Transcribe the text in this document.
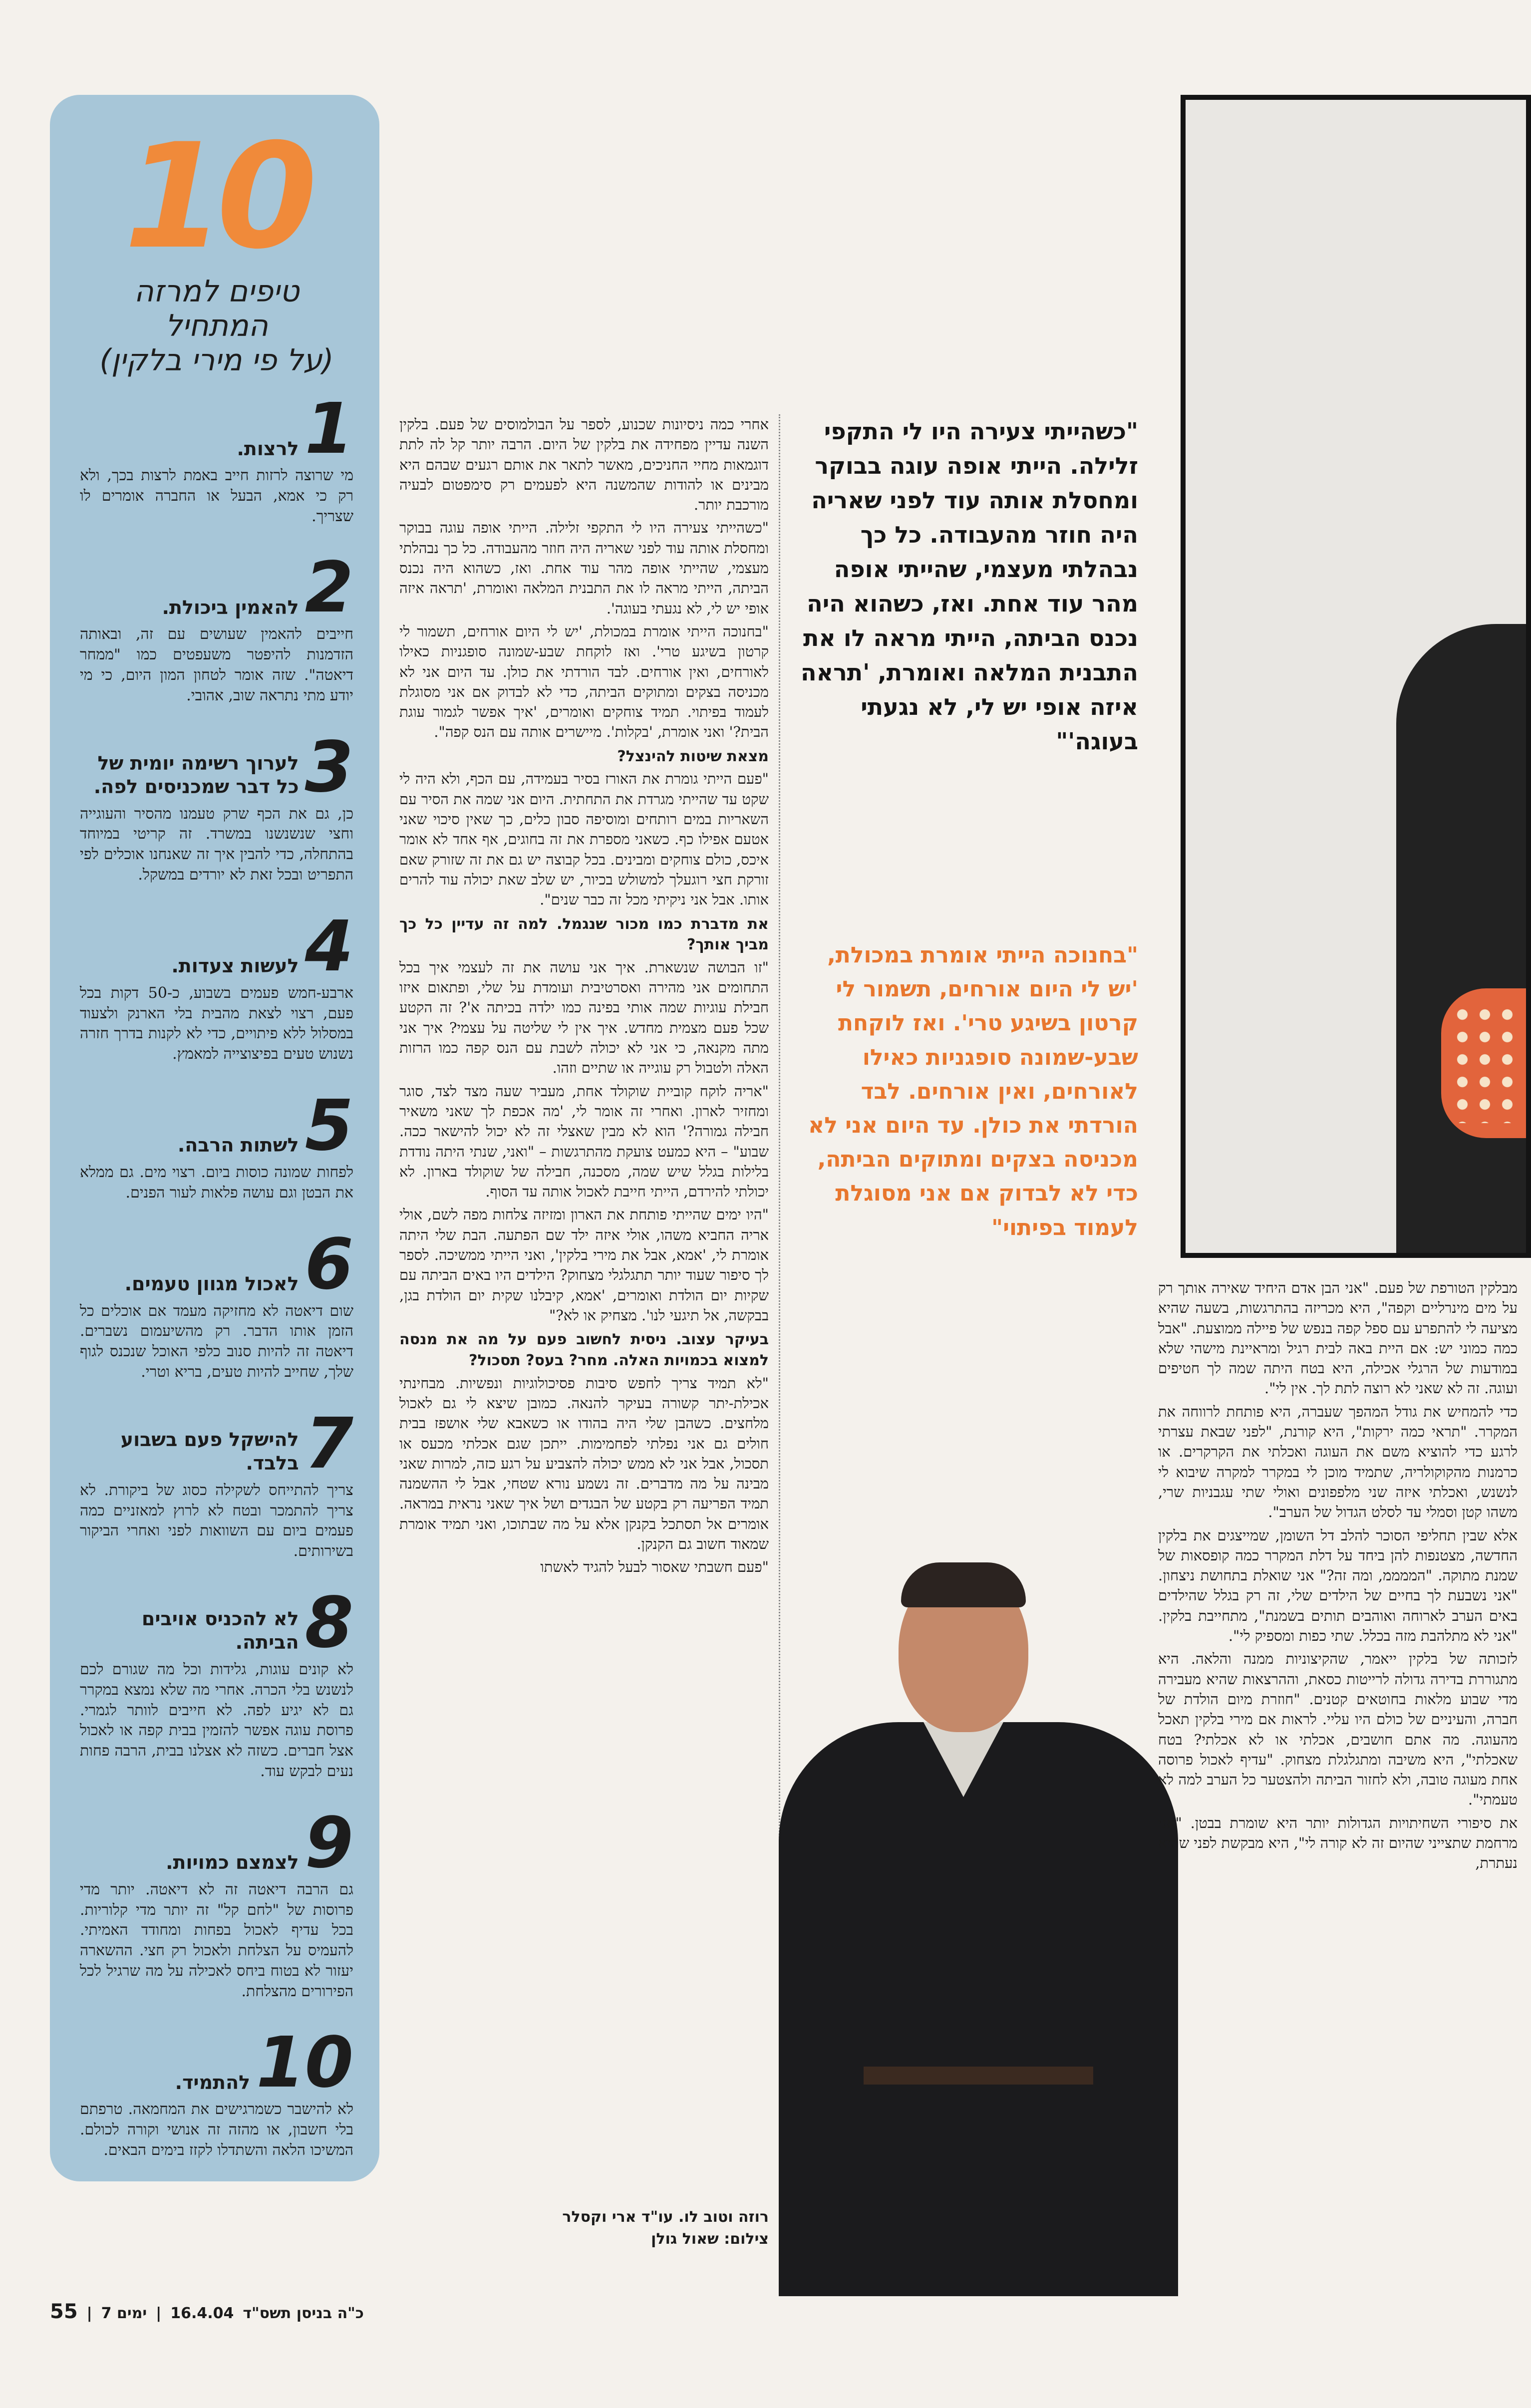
10
טיפים למרזה המתחיל
(על פי מירי בלקין)
1
לרצות.
מי שרוצה לרזות חייב באמת לרצות בכך, ולא רק כי אמא, הבעל או החברה אומרים לו שצריך.
2
להאמין ביכולת.
חייבים להאמין שעושים עם זה, ובאותה הזדמנות להיפטר משעפטים כמו "ממחר דיאטה". שזה אומר לטחון המון היום, כי מי יודע מתי נתראה שוב, אהובי.
3
לערוך רשימה יומית של כל דבר שמכניסים לפה.
כן, גם את הכף שרק טעמנו מהסיר והעוגייה וחצי שנשנשנו במשרד. זה קריטי במיוחד בהתחלה, כדי להבין איך זה שאנחנו אוכלים לפי התפריט ובכל זאת לא יורדים במשקל.
4
לעשות צעדות.
ארבע-חמש פעמים בשבוע, כ-50 דקות בכל פעם, רצוי לצאת מהבית בלי הארנק ולצעוד במסלול ללא פיתויים, כדי לא לקנות בדרך חזרה נשנוש טעים בפיצוצייה למאמץ.
5
לשתות הרבה.
לפחות שמונה כוסות ביום. רצוי מים. גם ממלא את הבטן וגם עושה פלאות לעור הפנים.
6
לאכול מגוון טעמים.
שום דיאטה לא מחזיקה מעמד אם אוכלים כל הזמן אותו הדבר. רק מהשיעמום נשברים. דיאטה זה להיות סנוב כלפי האוכל שנכנס לגוף שלך, שחייב להיות טעים, בריא וטרי.
7
להישקל פעם בשבוע בלבד.
צריך להתייחס לשקילה כסוג של ביקורת. לא צריך להתמכר ובטח לא לרוץ למאזניים כמה פעמים ביום עם השוואות לפני ואחרי הביקור בשירותים.
8
לא להכניס אויבים הביתה.
לא קונים עוגות, גלידות וכל מה שגורם לכם לנשנש בלי הכרה. אחרי מה שלא נמצא במקרר גם לא יגיע לפה. לא חייבים לוותר לגמרי. פרוסת עוגה אפשר להזמין בבית קפה או לאכול אצל חברים. כשזה לא אצלנו בבית, הרבה פחות נעים לבקש עוד.
9
לצמצם כמויות.
גם הרבה דיאטה זה לא דיאטה. יותר מדי פרוסות של "לחם קל" זה יותר מדי קלוריות. בכל עדיף לאכול בפחות ומחודד האמיתי. להעמיס על הצלחת ולאכול רק חצי. ההשארה יעזור לא בטוח ביחס לאכילה על מה שרגיל לכל הפירורים מהצלחת.
10
להתמיד.
לא להישבר כשמרגישים את המחמאה. טרפתם בלי חשבון, או מהזה זה אנושי וקורה לכולם. המשיכו הלאה והשתדלו לקזז בימים הבאים.

אחרי כמה ניסיונות שכנוע, לספר על הבולמוסים של פעם. בלקין השנה עדיין מפחידה את בלקין של היום. הרבה יותר קל לה לתת דוגמאות מחיי החניכים, מאשר לתאר את אותם רגעים שבהם היא מבינים או להודות שהמשנה היא לפעמים רק סימפטום לבעיה מורכבת יותר.

"כשהייתי צעירה היו לי התקפי זלילה. הייתי אופה עוגה בבוקר ומחסלת אותה עוד לפני שאריה היה חוזר מהעבודה. כל כך נבהלתי מעצמי, שהייתי אופה מהר עוד אחת. ואז, כשהוא היה נכנס הביתה, הייתי מראה לו את התבנית המלאה ואומרת, 'תראה איזה אופי יש לי, לא נגעתי בעוגה'.

"בחנוכה הייתי אומרת במכולת, 'יש לי היום אורחים, תשמור לי קרטון בשיגע טרי'. ואז לוקחת שבע-שמונה סופגניות כאילו לאורחים, ואין אורחים. לבד הורדתי את כולן. עד היום אני לא מכניסה בצקים ומתוקים הביתה, כדי לא לבדוק אם אני מסוגלת לעמוד בפיתוי. תמיד צוחקים ואומרים, 'איך אפשר לגמור עוגת הבית?' ואני אומרת, 'בקלות'. מיישרים אותה עם הנס קפה".

מצאת שיטות להינצל?

"פעם הייתי גומרת את האורז בסיר בעמידה, עם הכף, ולא היה לי שקט עד שהייתי מגרדת את התחתית. היום אני שמה את הסיר עם השאריות במים רותחים ומוסיפה סבון כלים, כך שאין סיכוי שאני אטעם אפילו כף. כשאני מספרת את זה בחוגים, אף אחד לא אומר איכס, כולם צוחקים ומבינים. בכל קבוצה יש גם את זה שזורק שאם זורקת חצי רוגעלך למשולש בכיור, יש שלב שאת יכולה עוד להרים אותו. אבל אני ניקיתי מכל זה כבר שנים".

את מדברת כמו מכור שנגמל. למה זה עדיין כל כך מביך אותך?

"זו הבושה שנשארת. איך אני עושה את זה לעצמי איך בכל התחומים אני מהירה ואסרטיבית ועומדת על שלי, ופתאום איזו חבילת עוגיות שמה אותי בפינה כמו ילדה בכיתה א'? זה הקטע שכל פעם מצמית מחדש. איך אין לי שליטה על עצמי? איך אני מתה מקנאה, כי אני לא יכולה לשבת עם הנס קפה כמו הרזות האלה ולטבול רק עוגייה או שתיים וזהו.

"אריה לוקח קוביית שוקולד אחת, מעביר שעה מצד לצד, סוגר ומחזיר לארון. ואחרי זה אומר לי, 'מה אכפת לך שאני משאיר חבילה גמורה?' הוא לא מבין שאצלי זה לא יכול להישאר ככה. שבוע" – היא כמעט צועקת מהתרגשות – "ואני, שנתי היתה נודדת בלילות בגלל שיש שמה, מסכנה, חבילה של שוקולד בארון. לא יכולתי להירדם, הייתי חייבת לאכול אותה עד הסוף.

"היו ימים שהייתי פותחת את הארון ומזיזה צלחות מפה לשם, אולי אריה החביא משהו, אולי איזה ילד שם הפתעה. הבת שלי היתה אומרת לי, 'אמא, אבל את מירי בלקין', ואני הייתי ממשיכה. לספר לך סיפור שעוד יותר תתגלגלי מצחוק? הילדים היו באים הביתה עם שקיות יום הולדת ואומרים, 'אמא, קיבלנו שקית יום הולדת בגן, בבקשה, אל תיגעי לנו'. מצחיק או לא?"

בעיקר עצוב. ניסית לחשוב פעם על מה את מנסה למצוא בכמויות האלה. מחר? בעס? תסכול?

"לא תמיד צריך לחפש סיבות פסיכולוגיות ונפשיות. מבחינתי אכילת-יתר קשורה בעיקר להנאה. כמובן שיצא לי גם לאכול מלחצים. כשהבן שלי היה בהודו או כשאבא שלי אושפז בבית חולים גם אני נפלתי לפחמימות. ייתכן שגם אכלתי מכעס או תסכול, אבל אני לא ממש יכולה להצביע על רגע כזה, למרות שאני מבינה על מה מדברים. זה נשמע נורא שטחי, אבל לי ההשמנה תמיד הפריעה רק בקטע של הבגדים ושל איך שאני נראית במראה. אומרים אל תסתכל בקנקן אלא על מה שבתוכו, ואני תמיד אומרת שמאוד חשוב גם הקנקן.

"פעם חשבתי שאסור לבעל להגיד לאשתו

רוזה וטוב לו. עו"ד ארי וקסלר
צילום: שאול גולן
"כשהייתי צעירה היו לי התקפי זלילה. הייתי אופה עוגה בבוקר ומחסלת אותה עוד לפני שאריה היה חוזר מהעבודה. כל כך נבהלתי מעצמי, שהייתי אופה מהר עוד אחת. ואז, כשהוא היה נכנס הביתה, הייתי מראה לו את התבנית המלאה ואומרת, 'תראה איזה אופי יש לי, לא נגעתי בעוגה'"
"בחנוכה הייתי אומרת במכולת, 'יש לי היום אורחים, תשמור לי קרטון בשיגע טרי'. ואז לוקחת שבע-שמונה סופגניות כאילו לאורחים, ואין אורחים. לבד הורדתי את כולן. עד היום אני לא מכניסה בצקים ומתוקים הביתה, כדי לא לבדוק אם אני מסוגלת לעמוד בפיתוי"

מבלקין הטורפת של פעם. "אני הבן אדם היחיד שאירה אותך רק על מים מינרליים וקפה", היא מכריזה בהתרגשות, בשעה שהיא מציעה לי להתפרע עם ספל קפה בנפש של פיילה ממוצעת. "אבל כמה כמוני יש: אם היית באה לבית רגיל ומראיינת מישהי שלא במודעות של הרגלי אכילה, היא בטח היתה שמה לך חטיפים ועוגה. זה לא שאני לא רוצה לתת לך. אין לי".

כדי להמחיש את גודל המהפך שעברה, היא פותחת לרווחה את המקרר. "תראי כמה ירקות", היא קורנת, "לפני שבאת עצרתי לרגע כדי להוציא משם את העוגה ואכלתי את הקרקרים. או כרמנות מהקוקולריה, שתמיד מוכן לי במקרר למקרה שיבוא לי לנשנש, ואכלתי איזה שני מלפפונים ואולי שתי עגבניות שרי, משהו קטן וסמלי עד לסלט הגדול של הערב".

אלא שבין תחליפי הסוכר להלב דל השומן, שמייצגים את בלקין החדשה, מצטנפות להן ביחד על דלת המקרר כמה קופסאות של שמנת מתוקה. "הממממ, ומה זה?" אני שואלת בתחושת ניצחון. "אני נשבעת לך בחיים של הילדים שלי, זה רק בגלל שהילדים באים הערב לארוחה ואוהבים תותים בשמנת", מתחייבת בלקין. "אני לא מתלהבת מזה בכלל. שתי כפות ומספיק לי".

לזכותה של בלקין ייאמר, שהקיצוניות ממנה והלאה. היא מתגוררת בדירה גדולה לרייטות כסאת, וההרצאות שהיא מעבירה מדי שבוע מלאות בחוטאים קטנים. "חוזרת מיום הולדת של חברה, והעיניים של כולם היו עליי. לראות אם מירי בלקין תאכל מהעוגה. מה אתם חושבים, אכלתי או לא אכלתי? בטח שאכלתי", היא משיבה ומתגלגלת מצחוק. "עדיף לאכול פרוסה אחת מעוגה טובה, ולא לחזור הביתה ולהצטער כל הערב למה לא טעמתי".

את סיפורי השחיתויות הגדולות יותר היא שומרת בבטן. "אני מרחמת שתצייני שהיום זה לא קורה לי", היא מבקשת לפני שהיא נעתרת,

55 | 7 ימים | 16.4.04 כ"ה בניסן תשס"ד
